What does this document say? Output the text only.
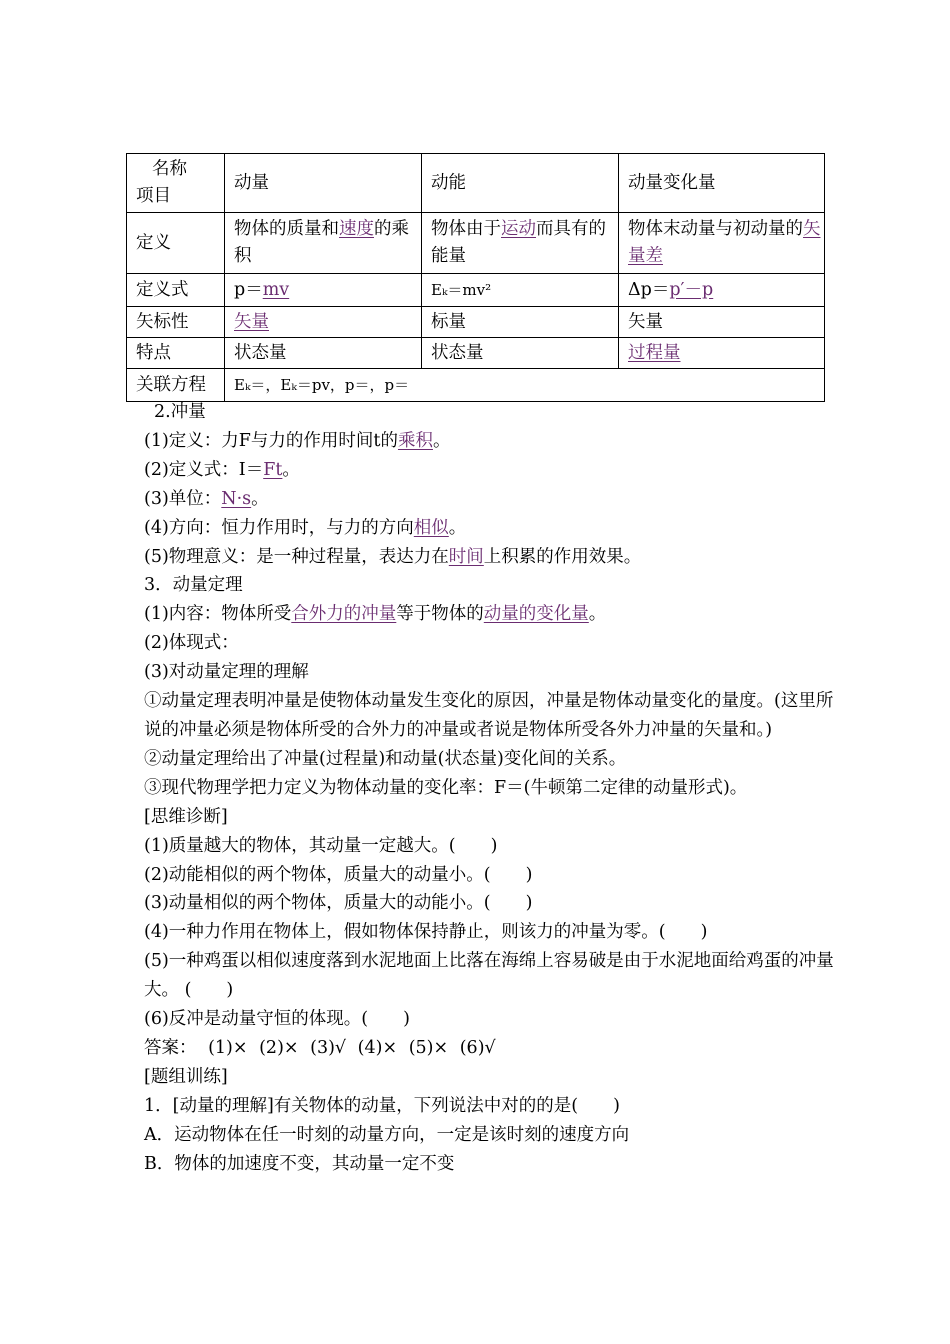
名称
项目	动量	动能	动量变化量
定义	物体的质量和速度的乘积	物体由于运动而具有的能量	物体末动量与初动量的矢量差
定义式	p＝mv	Eₖ＝mv²	Δp＝p′－p
矢标性	矢量	标量	矢量
特点	状态量	状态量	过程量
关联方程	Eₖ＝，Eₖ＝pv，p＝，p＝		
2.冲量
(1)定义：力F与力的作用时间t的乘积。
(2)定义式：I＝Ft。
(3)单位：N·s。
(4)方向：恒力作用时，与力的方向相似。
(5)物理意义：是一种过程量，表达力在时间上积累的作用效果。
3．动量定理
(1)内容：物体所受合外力的冲量等于物体的动量的变化量。
(2)体现式：
(3)对动量定理的理解
①动量定理表明冲量是使物体动量发生变化的原因，冲量是物体动量变化的量度。(这里所说的冲量必须是物体所受的合外力的冲量或者说是物体所受各外力冲量的矢量和。)
②动量定理给出了冲量(过程量)和动量(状态量)变化间的关系。
③现代物理学把力定义为物体动量的变化率：F＝(牛顿第二定律的动量形式)。
[思维诊断]
(1)质量越大的物体，其动量一定越大。(　　)
(2)动能相似的两个物体，质量大的动量小。(　　)
(3)动量相似的两个物体，质量大的动能小。(　　)
(4)一种力作用在物体上，假如物体保持静止，则该力的冲量为零。(　　)
(5)一种鸡蛋以相似速度落到水泥地面上比落在海绵上容易破是由于水泥地面给鸡蛋的冲量大。 (　　)
(6)反冲是动量守恒的体现。(　　)
答案： (1)× (2)× (3)√ (4)× (5)× (6)√
[题组训练]
1．[动量的理解]有关物体的动量，下列说法中对的的是(　　)
A．运动物体在任一时刻的动量方向，一定是该时刻的速度方向
B．物体的加速度不变，其动量一定不变
